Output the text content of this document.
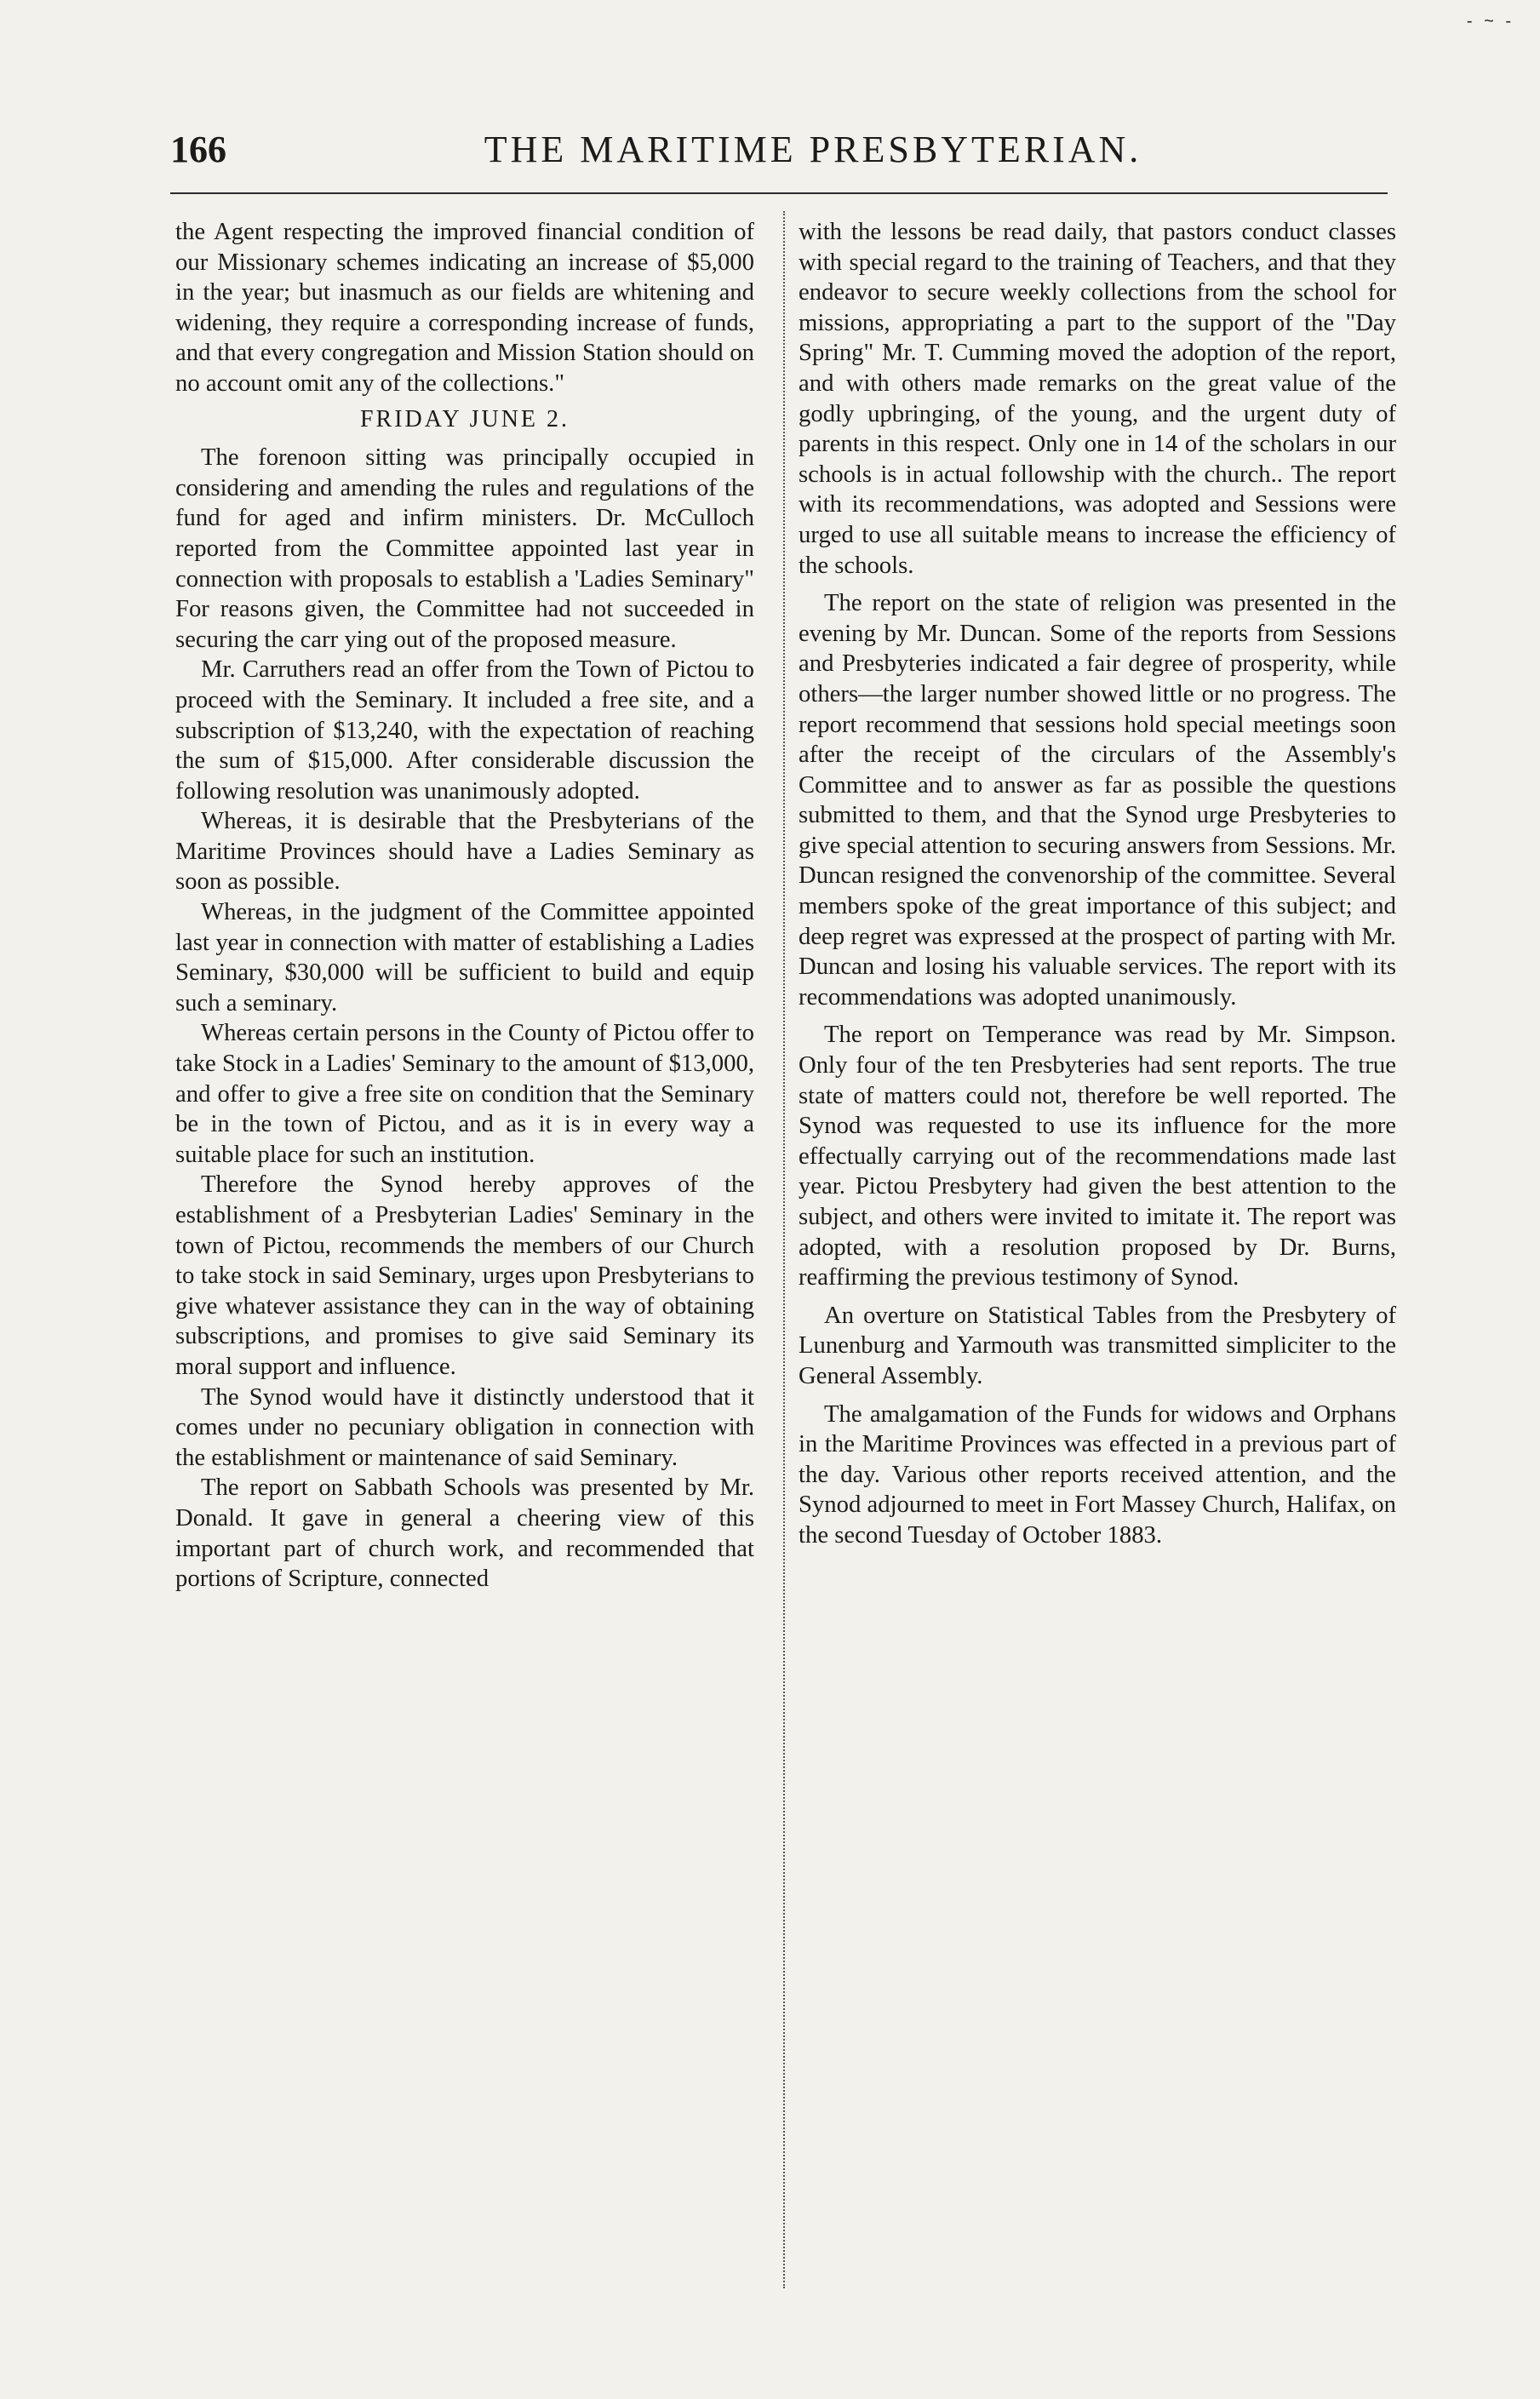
- ~ -
166	THE MARITIME PRESBYTERIAN.

the Agent respecting the improved financial condition of our Missionary schemes indicating an increase of $5,000 in the year; but inasmuch as our fields are whitening and widening, they require a corresponding increase of funds, and that every congregation and Mission Station should on no account omit any of the collections."

FRIDAY JUNE 2.

The forenoon sitting was principally occupied in considering and amending the rules and regulations of the fund for aged and infirm ministers. Dr. McCulloch reported from the Committee appointed last year in connection with proposals to establish a 'Ladies Seminary" For reasons given, the Committee had not succeeded in securing the carr ying out of the proposed measure.

Mr. Carruthers read an offer from the Town of Pictou to proceed with the Seminary. It included a free site, and a subscription of $13,240, with the expectation of reaching the sum of $15,000. After considerable discussion the following resolution was unanimously adopted.

Whereas, it is desirable that the Presbyterians of the Maritime Provinces should have a Ladies Seminary as soon as possible.

Whereas, in the judgment of the Committee appointed last year in connection with matter of establishing a Ladies Seminary, $30,000 will be sufficient to build and equip such a seminary.

Whereas certain persons in the County of Pictou offer to take Stock in a Ladies' Seminary to the amount of $13,000, and offer to give a free site on condition that the Seminary be in the town of Pictou, and as it is in every way a suitable place for such an institution.

Therefore the Synod hereby approves of the establishment of a Presbyterian Ladies' Seminary in the town of Pictou, recommends the members of our Church to take stock in said Seminary, urges upon Presbyterians to give whatever assistance they can in the way of obtaining subscriptions, and promises to give said Seminary its moral support and influence.

The Synod would have it distinctly understood that it comes under no pecuniary obligation in connection with the establishment or maintenance of said Seminary.

The report on Sabbath Schools was presented by Mr. Donald. It gave in general a cheering view of this important part of church work, and recommended that portions of Scripture, connected

with the lessons be read daily, that pastors conduct classes with special regard to the training of Teachers, and that they endeavor to secure weekly collections from the school for missions, appropriating a part to the support of the "Day Spring" Mr. T. Cumming moved the adoption of the report, and with others made remarks on the great value of the godly upbringing, of the young, and the urgent duty of parents in this respect. Only one in 14 of the scholars in our schools is in actual followship with the church.. The report with its recommendations, was adopted and Sessions were urged to use all suitable means to increase the efficiency of the schools.

The report on the state of religion was presented in the evening by Mr. Duncan. Some of the reports from Sessions and Presbyteries indicated a fair degree of prosperity, while others—the larger number showed little or no progress. The report recommend that sessions hold special meetings soon after the receipt of the circulars of the Assembly's Committee and to answer as far as possible the questions submitted to them, and that the Synod urge Presbyteries to give special attention to securing answers from Sessions. Mr. Duncan resigned the convenorship of the committee. Several members spoke of the great importance of this subject; and deep regret was expressed at the prospect of parting with Mr. Duncan and losing his valuable services. The report with its recommendations was adopted unanimously.

The report on Temperance was read by Mr. Simpson. Only four of the ten Presbyteries had sent reports. The true state of matters could not, therefore be well reported. The Synod was requested to use its influence for the more effectually carrying out of the recommendations made last year. Pictou Presbytery had given the best attention to the subject, and others were invited to imitate it. The report was adopted, with a resolution proposed by Dr. Burns, reaffirming the previous testimony of Synod.

An overture on Statistical Tables from the Presbytery of Lunenburg and Yarmouth was transmitted simpliciter to the General Assembly.

The amalgamation of the Funds for widows and Orphans in the Maritime Provinces was effected in a previous part of the day. Various other reports received attention, and the Synod adjourned to meet in Fort Massey Church, Halifax, on the second Tuesday of October 1883.
